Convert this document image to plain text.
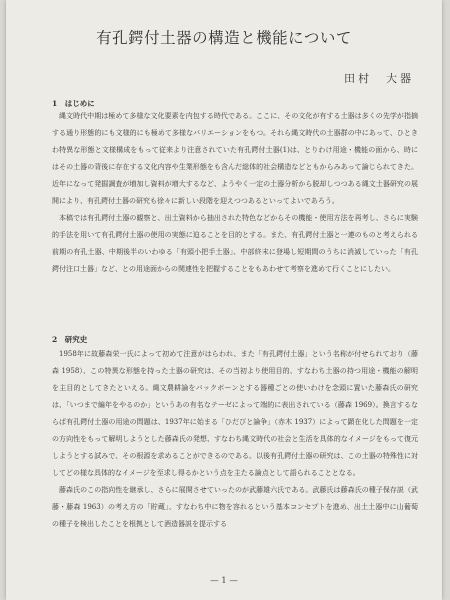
有孔鍔付土器の構造と機能について
田村　大器
1　はじめに

縄文時代中期は極めて多様な文化要素を内包する時代である。ここに、その文化が有する土器は多くの先学が指摘する通り形態的にも文様的にも極めて多様なバリエーションをもつ。それら縄文時代の土器群の中にあって、ひときわ特異な形態と文様構成をもって従来より注意されていた有孔鍔付土器(1)は、とりわけ用途・機能の面から、時にはその土器の背後に存在する文化内容や生業形態をも含んだ総体的社会構造などともからみあって論じられてきた。近年になって発掘調査が増加し資料が増大するなど、ようやく一定の土器分析から脱却しつつある縄文土器研究の展開により、有孔鍔付土器の研究も徐々に新しい段階を迎えつつあるといってよいであろう。

本稿では有孔鍔付土器の観察と、出土資料から抽出された特色などからその機能・使用方法を再考し、さらに実験的手法を用いて有孔鍔付土器の使用の実態に迫ることを目的とする。また、有孔鍔付土器と一連のものと考えられる前期の有孔土器、中期後半のいわゆる「有頭小把手土器」、中部終末に登場し短期間のうちに消滅していった「有孔鍔付注口土器」など、との用途面からの関連性を把握することをもあわせて考察を進めて行くことにしたい。

2　研究史

1958年に故藤森栄一氏によって初めて注意がはらわれ、また「有孔鍔付土器」という名称が付せられており（藤森 1958）、この特異な形態を持った土器の研究は、その当初より使用目的、すなわち土器の持つ用途・機能の解明を主目的としてきたといえる。縄文農耕論をバックボーンとする器種ごとの使いわけを念頭に置いた藤森氏の研究は、「いつまで編年をやるのか」というあの有名なテーゼによって端的に表出されている（藤森 1969）。換言するならば有孔鍔付土器の用途の問題は、1937年に始まる「ひだびと論争」（赤木 1937）によって顕在化した問題を一定の方向性をもって解明しようとした藤森氏の発想、すなわち縄文時代の社会と生活を具体的なイメージをもって復元しようとする試みで、その根源を求めることができるのである。以後有孔鍔付土器の研究は、この土器の特殊性に対してどの様な具体的なイメージを至求し得るかという点を主たる論点として語られることとなる。

藤森氏のこの指向性を継承し、さらに展開させていったのが武藤雄六氏である。武藤氏は藤森氏の種子保存説（武藤・藤森 1963）の考え方の「貯蔵」、すなわち中に物を容れるという基本コンセプトを進め、出土土器中に山葡萄の種子を検出したことを根拠として酒造器説を提示する

— 1 —
